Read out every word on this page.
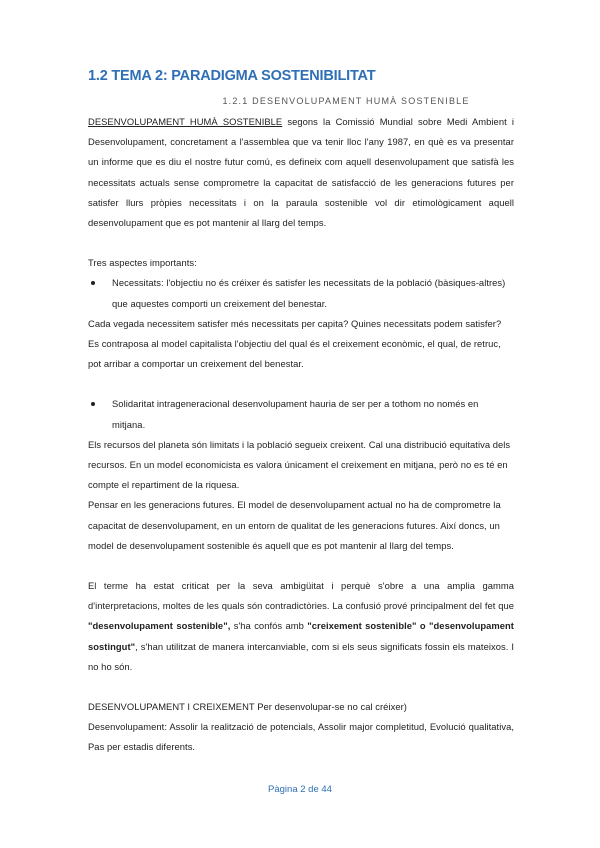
1.2 TEMA 2: PARADIGMA SOSTENIBILITAT
1.2.1 DESENVOLUPAMENT HUMÀ SOSTENIBLE

DESENVOLUPAMENT HUMÀ SOSTENIBLE segons la Comissió Mundial sobre Medi Ambient i Desenvolupament, concretament a l'assemblea que va tenir lloc l'any 1987, en què es va presentar un informe que es diu el nostre futur comú, es defineix com aquell desenvolupament que satisfà les necessitats actuals sense comprometre la capacitat de satisfacció de les generacions futures per satisfer llurs pròpies necessitats i on la paraula sostenible vol dir etimològicament aquell desenvolupament que es pot mantenir al llarg del temps.

Tres aspectes importants:

Necessitats: l'objectiu no és créixer és satisfer les necessitats de la població (bàsiques-altres) que aquestes comporti un creixement del benestar.

Cada vegada necessitem satisfer més necessitats per capita? Quines necessitats podem satisfer?

Es contraposa al model capitalista l'objectiu del qual és el creixement econòmic, el qual, de retruc, pot arribar a comportar un creixement del benestar.

Solidaritat intrageneracional desenvolupament hauria de ser per a tothom no només en mitjana.

Els recursos del planeta són limitats i la població segueix creixent. Cal una distribució equitativa dels recursos. En un model economicista es valora únicament el creixement en mitjana, però no es té en compte el repartiment de la riquesa.

Pensar en les generacions futures. El model de desenvolupament actual no ha de comprometre la capacitat de desenvolupament, en un entorn de qualitat de les generacions futures. Així doncs, un model de desenvolupament sostenible és aquell que es pot mantenir al llarg del temps.

El terme ha estat criticat per la seva ambigüitat i perquè s'obre a una amplia gamma d'interpretacions, moltes de les quals són contradictòries. La confusió prové principalment del fet que "desenvolupament sostenible", s'ha confós amb "creixement sostenible" o "desenvolupament sostingut", s'han utilitzat de manera intercanviable, com si els seus significats fossin els mateixos. I no ho són.

DESENVOLUPAMENT I CREIXEMENT Per desenvolupar-se no cal créixer)

Desenvolupament: Assolir la realització de potencials, Assolir major completitud, Evolució qualitativa, Pas per estadis diferents.

Pàgina 2 de 44
